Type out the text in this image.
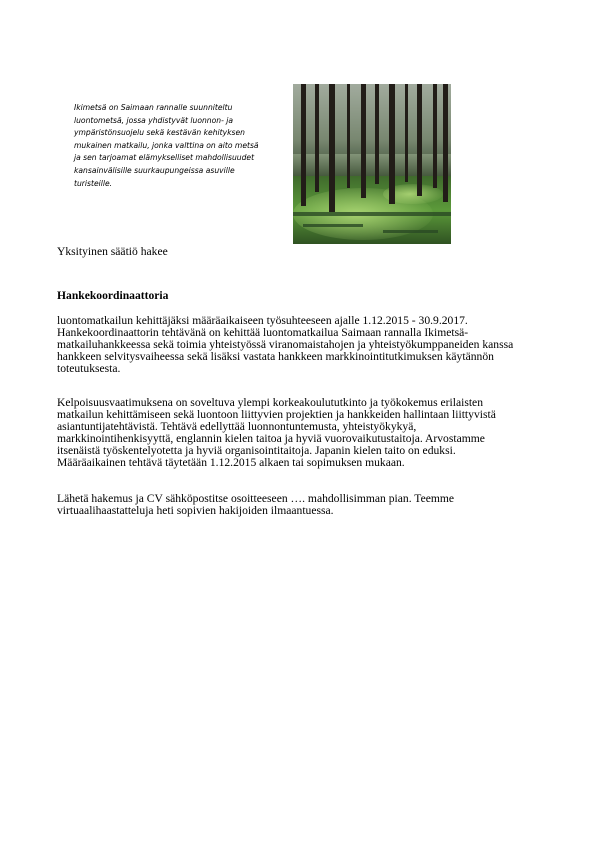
Ikimetsä on Saimaan rannalle suunniteltu
luontometsä, jossa yhdistyvät luonnon- ja
ympäristönsuojelu sekä kestävän kehityksen
mukainen matkailu, jonka valttina on aito metsä
ja sen tarjoamat elämykselliset mahdollisuudet
kansainvälisille suurkaupungeissa asuville
turisteille.

Yksityinen säätiö hakee

Hankekoordinaattoria

luontomatkailun kehittäjäksi määräaikaiseen työsuhteeseen ajalle 1.12.2015 - 30.9.2017.
Hankekoordinaattorin tehtävänä on kehittää luontomatkailua Saimaan rannalla Ikimetsä-
matkailuhankkeessa sekä toimia yhteistyössä viranomaistahojen ja yhteistyökumppaneiden kanssa
hankkeen selvitysvaiheessa sekä lisäksi vastata hankkeen markkinointitutkimuksen käytännön
toteutuksesta.
Kelpoisuusvaatimuksena on soveltuva ylempi korkeakoulututkinto ja työkokemus erilaisten
matkailun kehittämiseen sekä luontoon liittyvien projektien ja hankkeiden hallintaan liittyvistä
asiantuntijatehtävistä. Tehtävä edellyttää luonnontuntemusta, yhteistyökykyä,
markkinointihenkisyyttä, englannin kielen taitoa ja hyviä vuorovaikutustaitoja. Arvostamme
itsenäistä työskentelyotetta ja hyviä organisointitaitoja. Japanin kielen taito on eduksi.
Määräaikainen tehtävä täytetään 1.12.2015 alkaen tai sopimuksen mukaan.
Lähetä hakemus ja CV sähköpostitse osoitteeseen …. mahdollisimman pian. Teemme
virtuaalihaastatteluja heti sopivien hakijoiden ilmaantuessa.
